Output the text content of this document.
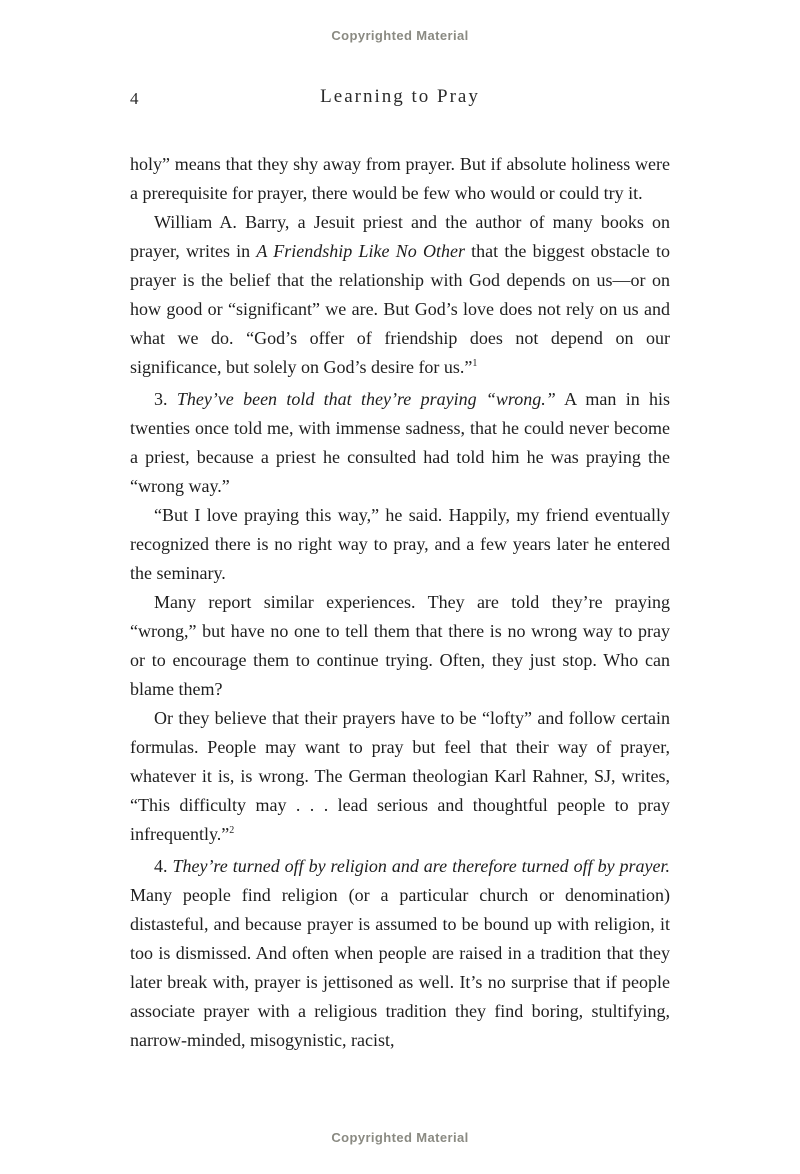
Copyrighted Material
4	Learning to Pray

holy” means that they shy away from prayer. But if absolute holiness were a prerequisite for prayer, there would be few who would or could try it.

William A. Barry, a Jesuit priest and the author of many books on prayer, writes in A Friendship Like No Other that the biggest obstacle to prayer is the belief that the relationship with God depends on us—or on how good or “significant” we are. But God’s love does not rely on us and what we do. “God’s offer of friendship does not depend on our significance, but solely on God’s desire for us.”$^1$

3. They’ve been told that they’re praying “wrong.” A man in his twenties once told me, with immense sadness, that he could never become a priest, because a priest he consulted had told him he was praying the “wrong way.”

“But I love praying this way,” he said. Happily, my friend eventually recognized there is no right way to pray, and a few years later he entered the seminary.

Many report similar experiences. They are told they’re praying “wrong,” but have no one to tell them that there is no wrong way to pray or to encourage them to continue trying. Often, they just stop. Who can blame them?

Or they believe that their prayers have to be “lofty” and follow certain formulas. People may want to pray but feel that their way of prayer, whatever it is, is wrong. The German theologian Karl Rahner, SJ, writes, “This difficulty may . . . lead serious and thoughtful people to pray infrequently.”$^2$

4. They’re turned off by religion and are therefore turned off by prayer. Many people find religion (or a particular church or denomination) distasteful, and because prayer is assumed to be bound up with religion, it too is dismissed. And often when people are raised in a tradition that they later break with, prayer is jettisoned as well. It’s no surprise that if people associate prayer with a religious tradition they find boring, stultifying, narrow-minded, misogynistic, racist,

Copyrighted Material
